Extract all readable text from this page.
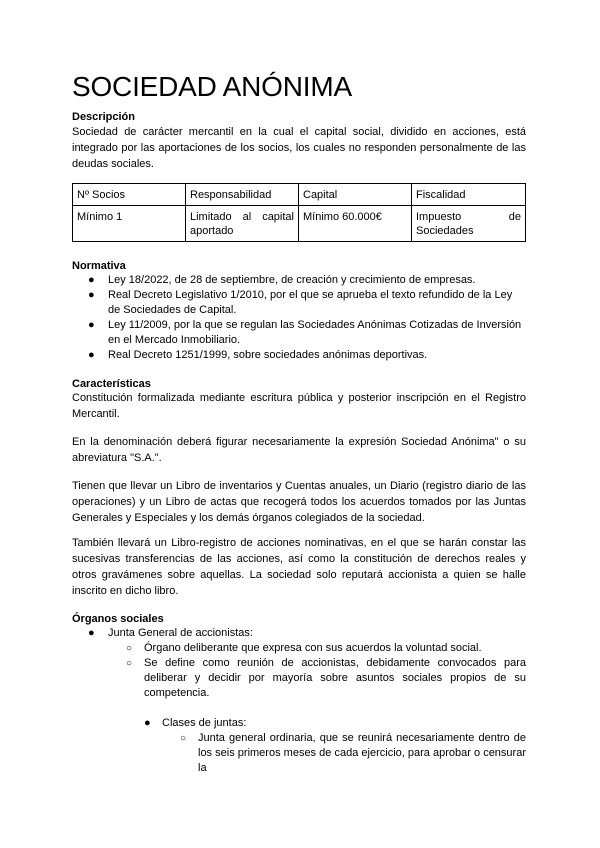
SOCIEDAD ANÓNIMA

Descripción

Sociedad de carácter mercantil en la cual el capital social, dividido en acciones, está integrado por las aportaciones de los socios, los cuales no responden personalmente de las deudas sociales.

Nº Socios	Responsabilidad	Capital	Fiscalidad
Mínimo 1	Limitado al capital aportado	Mínimo 60.000€	Impuesto de Sociedades

Normativa

● Ley 18/2022, de 28 de septiembre, de creación y crecimiento de empresas.
● Real Decreto Legislativo 1/2010, por el que se aprueba el texto refundido de la Ley de Sociedades de Capital.
● Ley 11/2009, por la que se regulan las Sociedades Anónimas Cotizadas de Inversión en el Mercado Inmobiliario.
● Real Decreto 1251/1999, sobre sociedades anónimas deportivas.

Características

Constitución formalizada mediante escritura pública y posterior inscripción en el Registro Mercantil.

En la denominación deberá figurar necesariamente la expresión Sociedad Anónima" o su abreviatura "S.A.".

Tienen que llevar un Libro de inventarios y Cuentas anuales, un Diario (registro diario de las operaciones) y un Libro de actas que recogerá todos los acuerdos tomados por las Juntas Generales y Especiales y los demás órganos colegiados de la sociedad.

También llevará un Libro-registro de acciones nominativas, en el que se harán constar las sucesivas transferencias de las acciones, así como la constitución de derechos reales y otros gravámenes sobre aquellas. La sociedad solo reputará accionista a quien se halle inscrito en dicho libro.

Órganos sociales

● Junta General de accionistas:
○ Órgano deliberante que expresa con sus acuerdos la voluntad social.
○ Se define como reunión de accionistas, debidamente convocados para deliberar y decidir por mayoría sobre asuntos sociales propios de su competencia.
● Clases de juntas:
○ Junta general ordinaria, que se reunirá necesariamente dentro de los seis primeros meses de cada ejercicio, para aprobar o censurar la
